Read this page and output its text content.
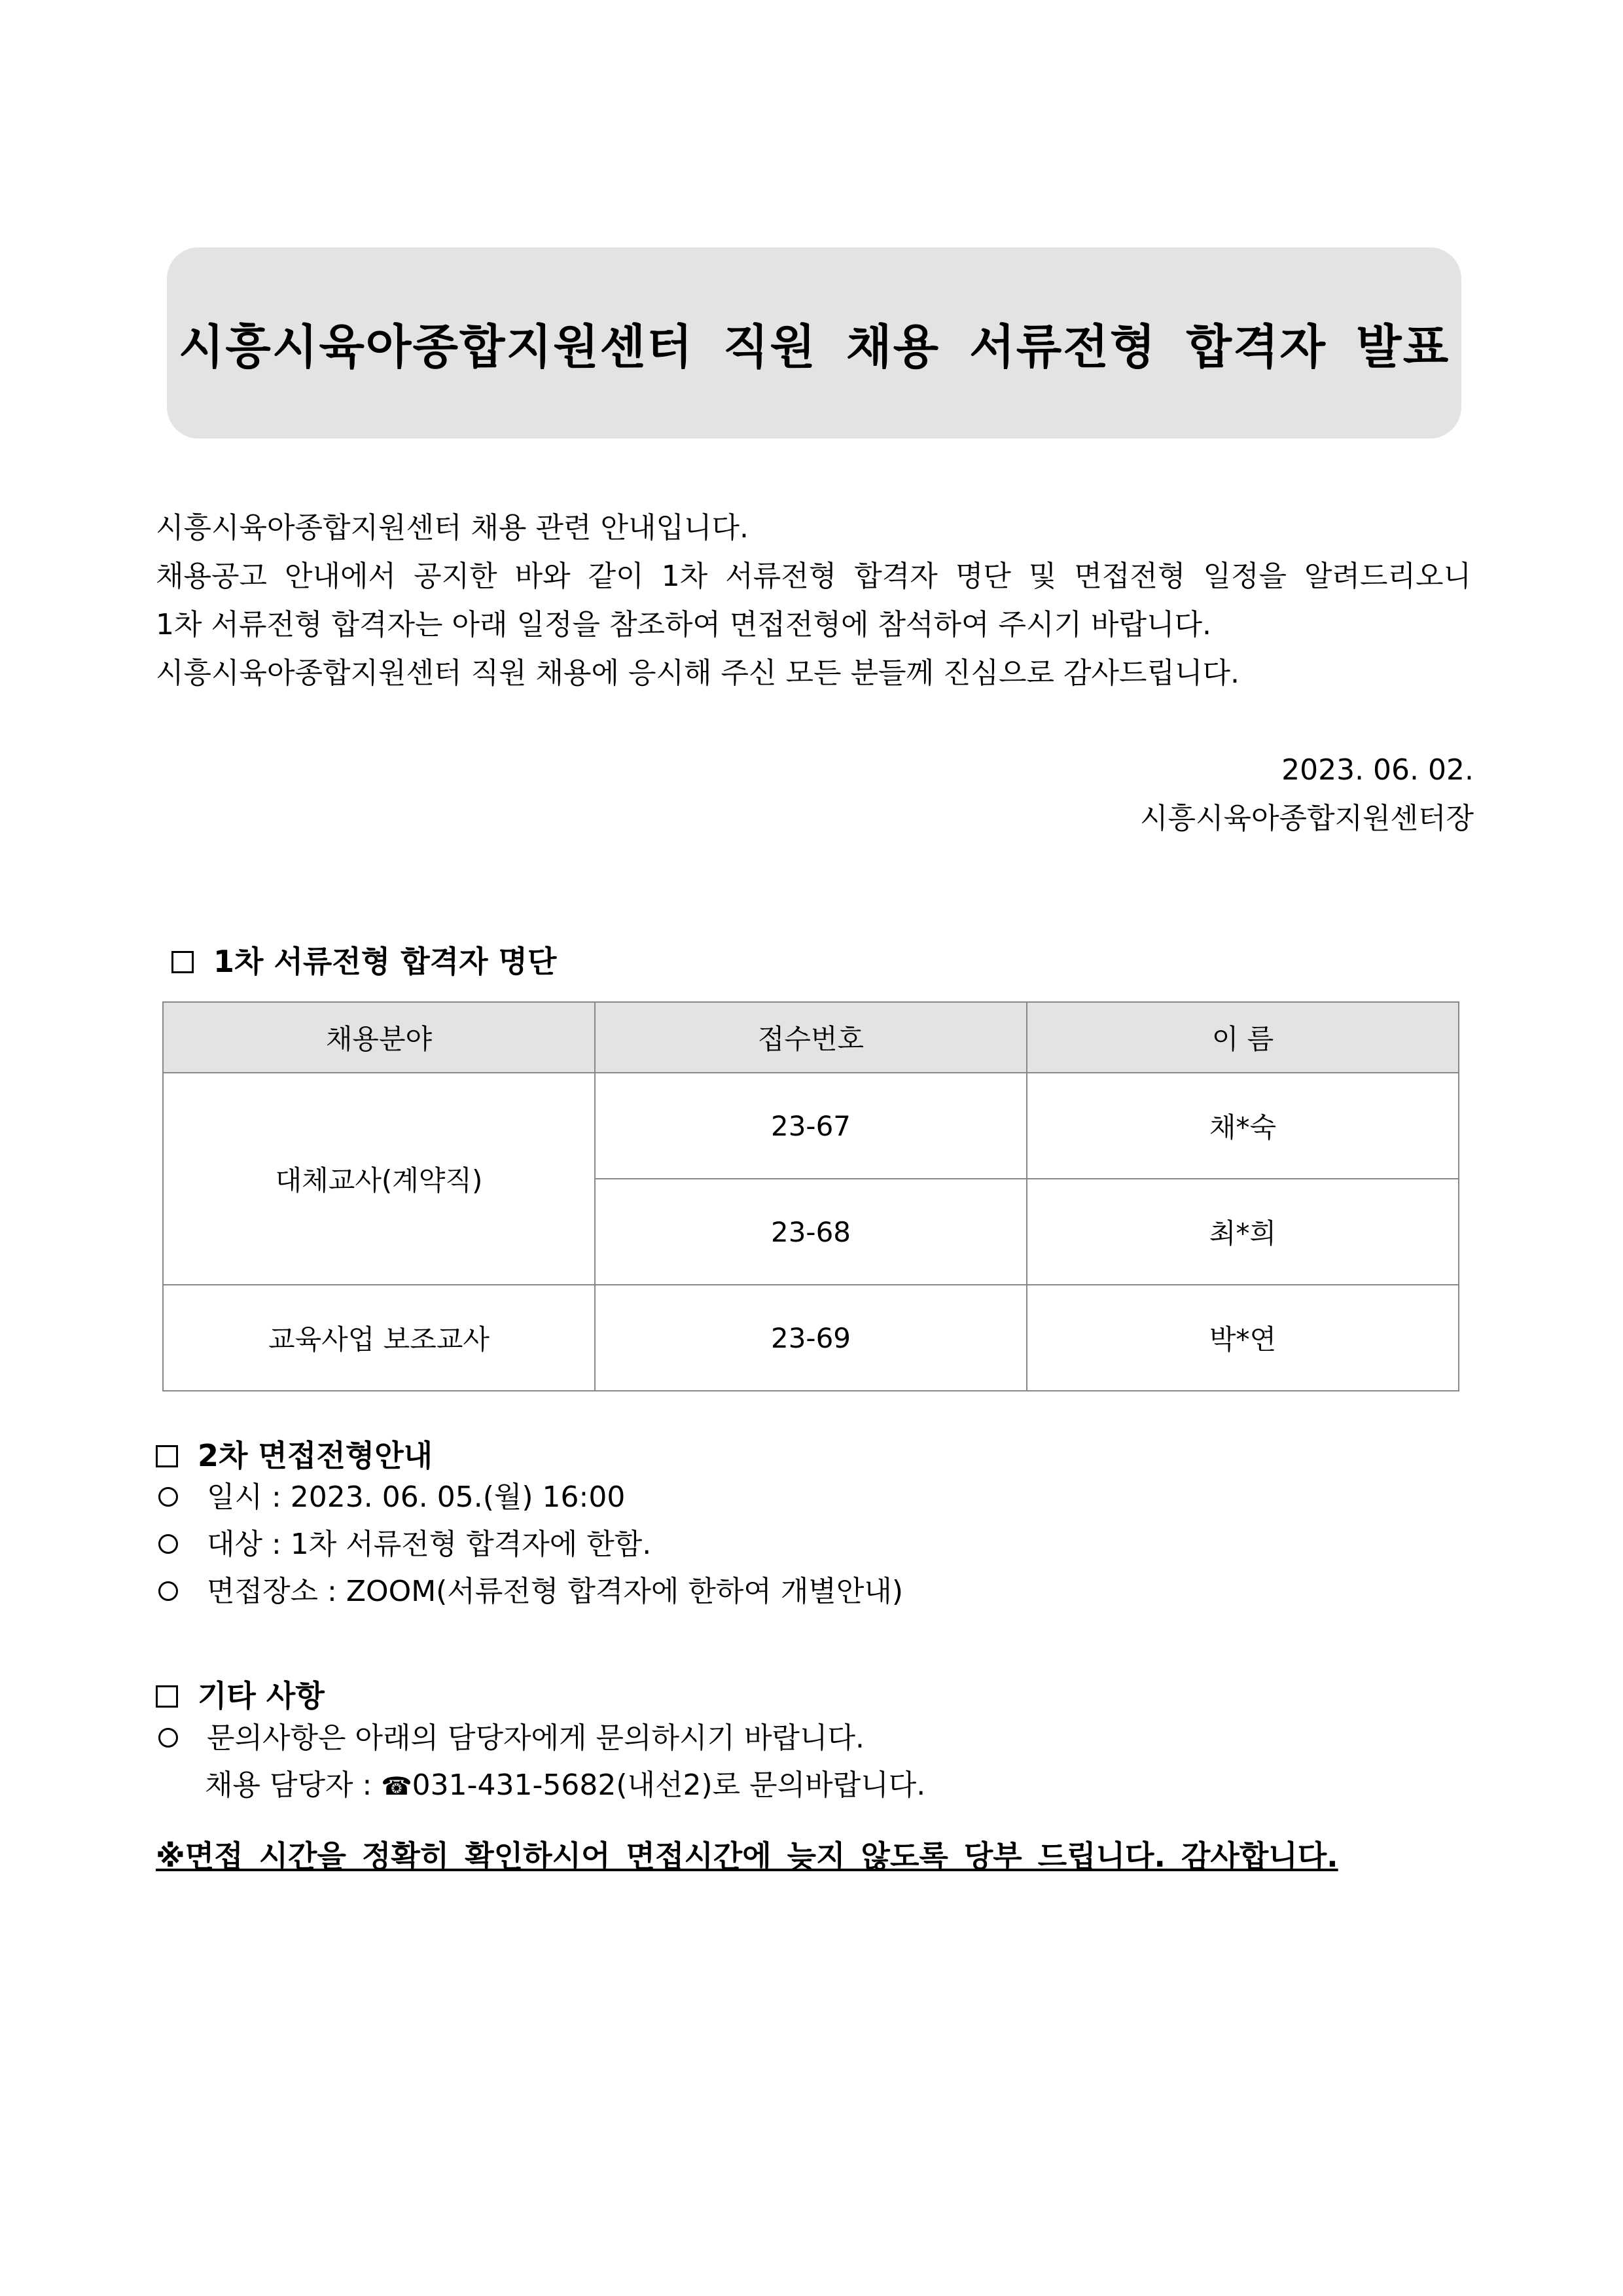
시흥시육아종합지원센터 직원 채용 서류전형 합격자 발표

시흥시육아종합지원센터 채용 관련 안내입니다.

채용공고 안내에서 공지한 바와 같이 1차 서류전형 합격자 명단 및 면접전형 일정을 알려드리오니

1차 서류전형 합격자는 아래 일정을 참조하여 면접전형에 참석하여 주시기 바랍니다.

시흥시육아종합지원센터 직원 채용에 응시해 주신 모든 분들께 진심으로 감사드립니다.

2023. 06. 02.
시흥시육아종합지원센터장
1차 서류전형 합격자 명단
채용분야	접수번호	이 름
대체교사(계약직)	23-67	채*숙
	23-68	최*희
교육사업 보조교사	23-69	박*연
2차 면접전형안내
일시 : 2023. 06. 05.(월) 16:00
대상 : 1차 서류전형 합격자에 한함.
면접장소 : ZOOM(서류전형 합격자에 한하여 개별안내)
기타 사항
문의사항은 아래의 담당자에게 문의하시기 바랍니다.
채용 담당자 : ☎031-431-5682(내선2)로 문의바랍니다.
※면접 시간을 정확히 확인하시어 면접시간에 늦지 않도록 당부 드립니다. 감사합니다.
